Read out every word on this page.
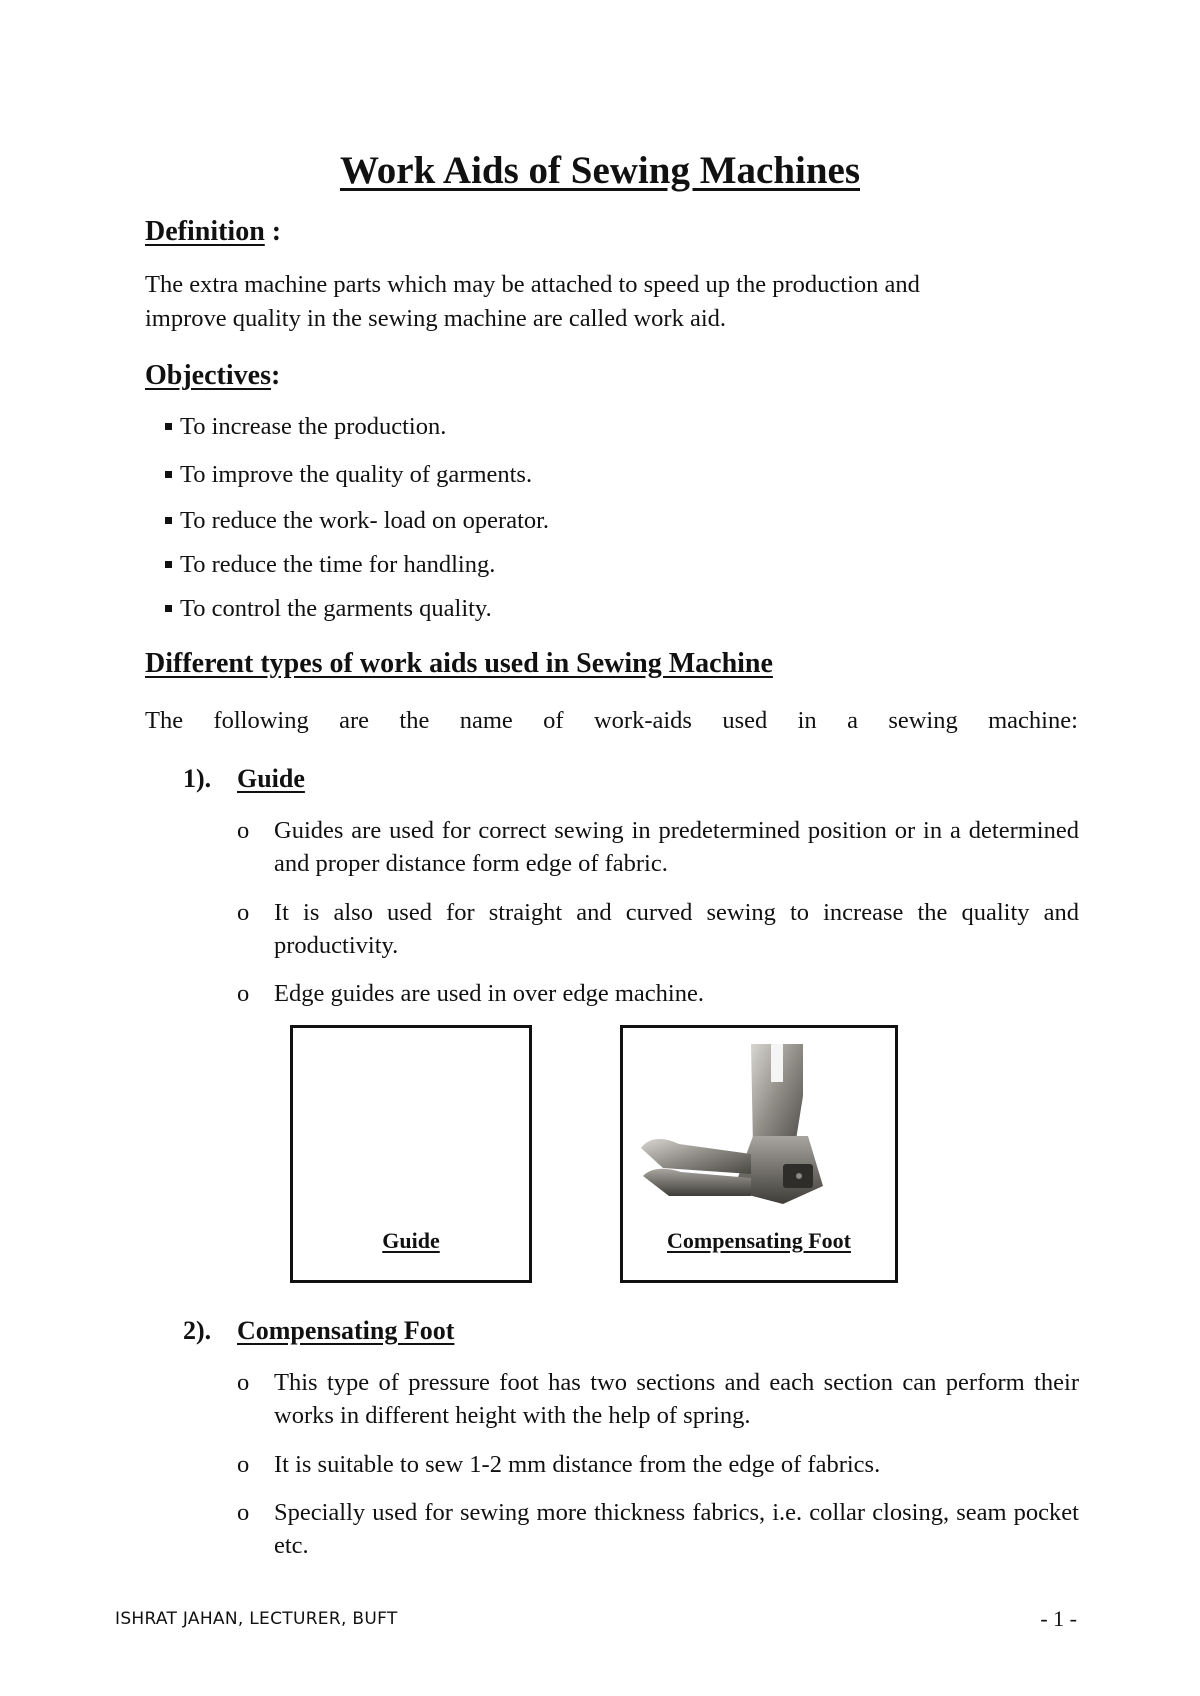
Work Aids of Sewing Machines
Definition :
The extra machine parts which may be attached to speed up the production and
improve quality in the sewing machine are called work aid.
Objectives:
To increase the production.
To improve the quality of garments.
To reduce the work- load on operator.
To reduce the time for handling.
To control the garments quality.
Different types of work aids used in Sewing Machine
The following are the name of work-aids used in a sewing machine:
1). Guide
o Guides are used for correct sewing in predetermined position or in a determined and proper distance form edge of fabric.
o It is also used for straight and curved sewing to increase the quality and productivity.
o Edge guides are used in over edge machine.
Guide	Compensating Foot
2). Compensating Foot
o This type of pressure foot has two sections and each section can perform their works in different height with the help of spring.
o It is suitable to sew 1-2 mm distance from the edge of fabrics.
o Specially used for sewing more thickness fabrics, i.e. collar closing, seam pocket etc.
ISHRAT JAHAN, LECTURER, BUFT	- 1 -
